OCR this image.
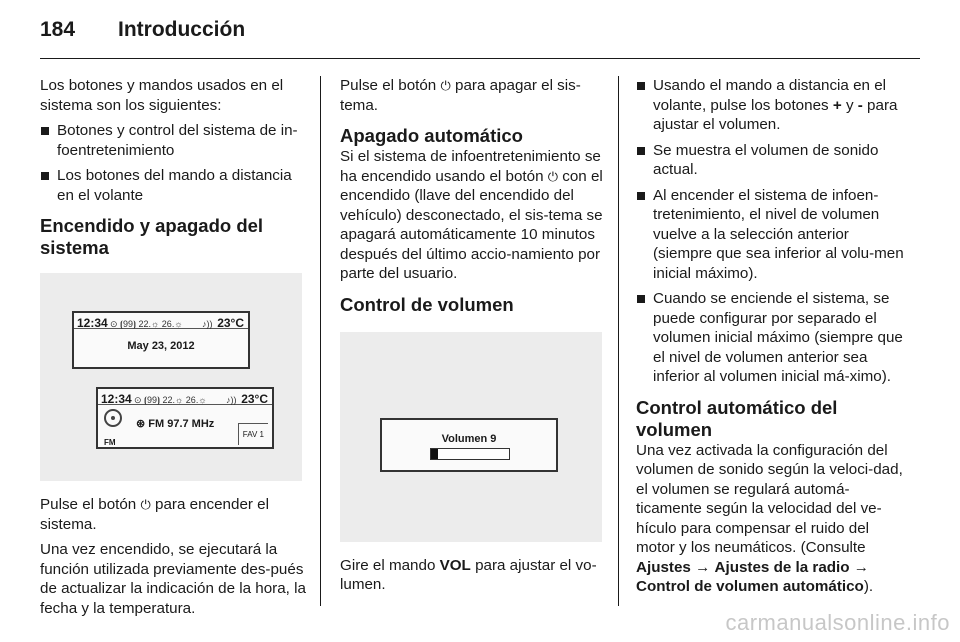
184 Introducción

Los botones y mandos usados en el sistema son los siguientes:

Botones y control del sistema de in-foentretenimiento
Los botones del mando a distancia en el volante
Encendido y apagado del sistema
12:34 ⊙ ⦗99⦘ 22.☼ 26.☼ ♪)) 23°C
May 23, 2012
12:34 ⊙ ⦗99⦘ 22.☼ 26.☼ ♪)) 23°C
FM
⊛ FM 97.7 MHz
FAV 1

Pulse el botón ⏻ para encender el sistema.

Una vez encendido, se ejecutará la función utilizada previamente des-pués de actualizar la indicación de la hora, la fecha y la temperatura.

Pulse el botón ⏻ para apagar el sis-tema.

Apagado automático

Si el sistema de infoentretenimiento se ha encendido usando el botón ⏻ con el encendido (llave del encendido del vehículo) desconectado, el sis-tema se apagará automáticamente 10 minutos después del último accio-namiento por parte del usuario.

Control de volumen
Volumen 9

Gire el mando VOL para ajustar el vo-lumen.

Usando el mando a distancia en el volante, pulse los botones + y - para ajustar el volumen.
Se muestra el volumen de sonido actual.
Al encender el sistema de infoen-tretenimiento, el nivel de volumen vuelve a la selección anterior (siempre que sea inferior al volu-men inicial máximo).
Cuando se enciende el sistema, se puede configurar por separado el volumen inicial máximo (siempre que el nivel de volumen anterior sea inferior al volumen inicial má-ximo).
Control automático del volumen

Una vez activada la configuración del volumen de sonido según la veloci-dad, el volumen se regulará automá-ticamente según la velocidad del ve-hículo para compensar el ruido del motor y los neumáticos. (Consulte Ajustes → Ajustes de la radio → Control de volumen automático).

carmanualsonline.info
